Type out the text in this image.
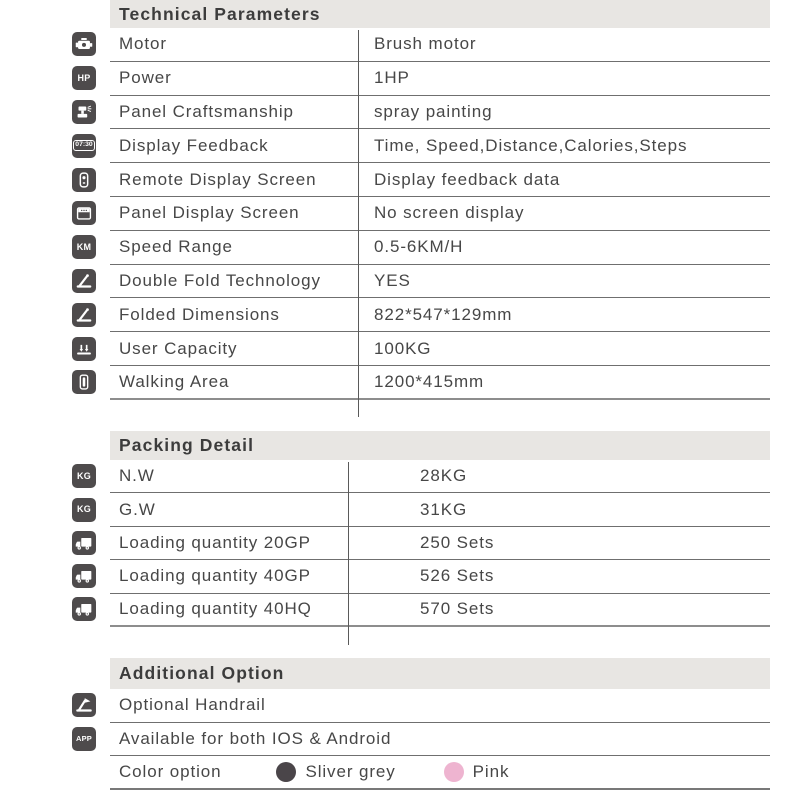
Technical Parameters
Motor	Brush motor
HP	Power	1HP
Panel Craftsmanship	spray painting
07:30	Display Feedback	Time, Speed,Distance,Calories,Steps
Remote Display Screen	Display feedback data
Panel Display Screen	No screen display
KM	Speed Range	0.5-6KM/H
Double Fold Technology	YES
Folded Dimensions	822*547*129mm
User Capacity	100KG
Walking Area	1200*415mm
Packing Detail
KG	N.W	28KG
KG	G.W	31KG
Loading quantity 20GP	250 Sets
Loading quantity 40GP	526 Sets
Loading quantity 40HQ	570 Sets
Additional Option
Optional Handrail
APP	Available for both IOS & Android
Color option	Sliver grey	Pink
